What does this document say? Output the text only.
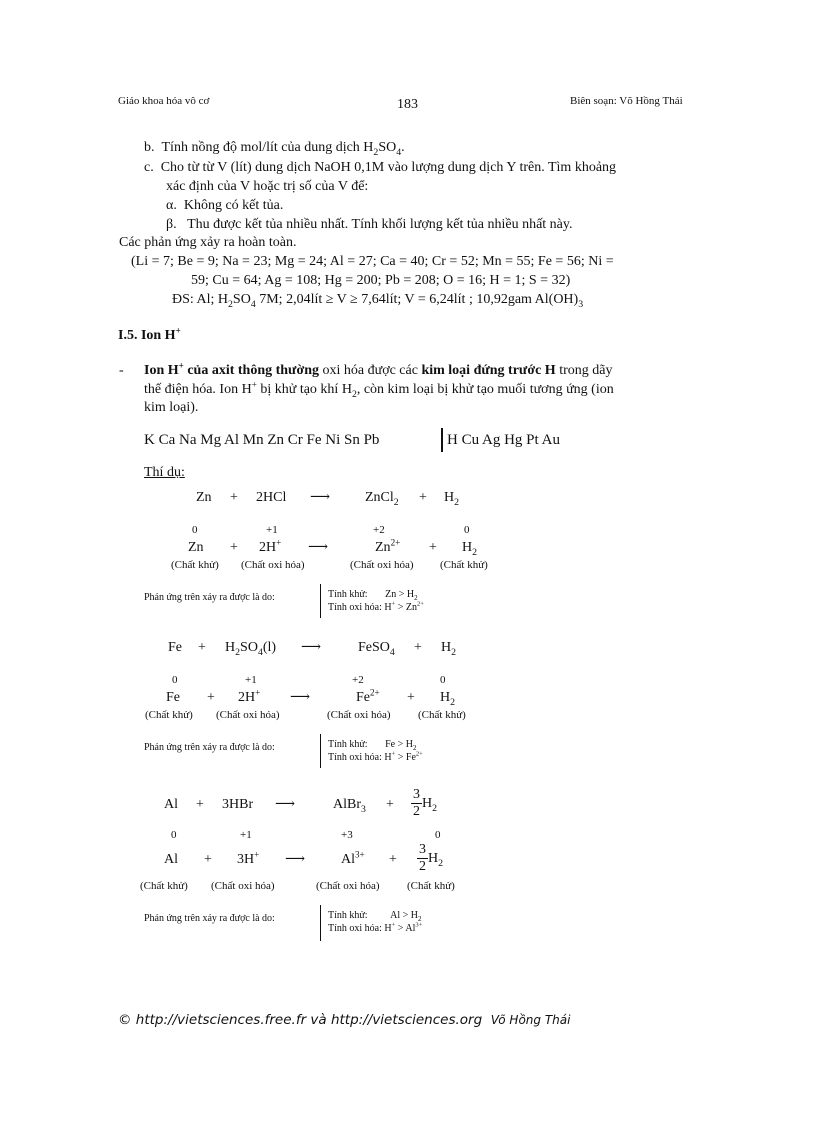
Giáo khoa hóa vô cơ	183	Biên soạn: Võ Hồng Thái
b. Tính nồng độ mol/lít của dung dịch $H_2SO_4$.
c. Cho từ từ V (lít) dung dịch NaOH 0,1M vào lượng dung dịch Y trên. Tìm khoảng
xác định của V hoặc trị số của V để:
α. Không có kết tủa.
β. Thu được kết tủa nhiều nhất. Tính khối lượng kết tủa nhiều nhất này.
Các phản ứng xảy ra hoàn toàn.
(Li = 7; Be = 9; Na = 23; Mg = 24; Al = 27; Ca = 40; Cr = 52; Mn = 55; Fe = 56; Ni =
59; Cu = 64; Ag = 108; Hg = 200; Pb = 208; O = 16; H = 1; S = 32)
ĐS: Al; $H_2SO_4$ 7M; 2,04lít ≥ V ≥ 7,64lít; V = 6,24lít ; 10,92gam $Al(OH)_3$
I.5. Ion H+
- Ion H+ của axit thông thường oxi hóa được các kim loại đứng trước H trong dãy
thế điện hóa. Ion H+ bị khử tạo khí $H_2$, còn kim loại bị khử tạo muối tương ứng (ion
kim loại).
K Ca Na Mg Al Mn Zn Cr Fe Ni Sn Pb	H Cu Ag Hg Pt Au
Thí dụ:
Zn + 2HCl ⟶ ZnCl$_2$ + $H_2$
0	+1	+2	0
Zn + 2H+ ⟶	$Zn^{2+} + H_2$
(Chất khử) (Chất oxi hóa)	(Chất oxi hóa) (Chất khử)
Phản ứng trên xảy ra được là do:	Tính khử: $Zn > H_2$
Tính oxi hóa: $H^+ > Zn^{2+}$
$Fe + H_2SO_4(l)$ ⟶	FeSO$_4$ + $H_2$
0	+1	+2	0
Fe + 2H+ ⟶	$Fe^{2+} + H_2$
(Chất khử) (Chất oxi hóa)	(Chất oxi hóa) (Chất khử)
Phản ứng trên xảy ra được là do:	Tính khử: $Fe > H_2$
Tính oxi hóa: $H^+ > Fe^{2+}$
Al + 3HBr ⟶	AlBr$_3$ + $\frac{3}{2} H_2$
0	+1	+3	0
Al + 3H+ ⟶	$Al^{3+} + \frac{3}{2} H_2$
(Chất khử) (Chất oxi hóa)	(Chất oxi hóa) (Chất khử)
Phản ứng trên xảy ra được là do:	Tính khử: $Al > H_2$
Tính oxi hóa: $H^+ > Al^{3+}$
© http://vietsciences.free.fr và http://vietsciences.org Võ Hồng Thái
